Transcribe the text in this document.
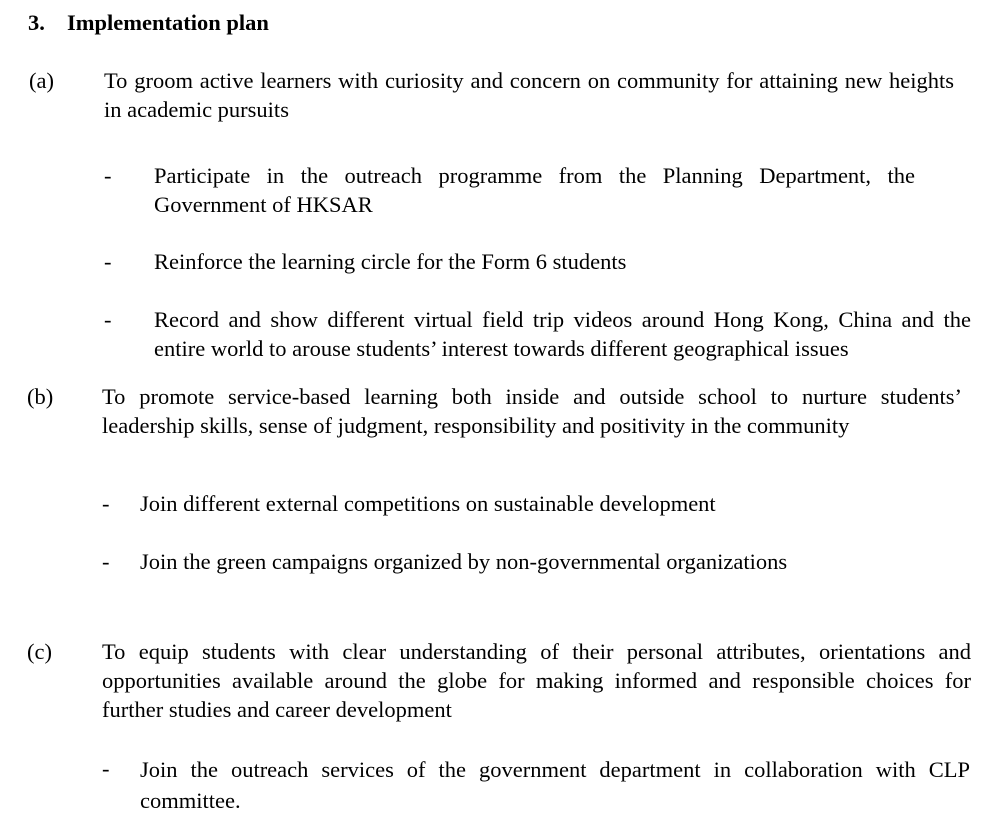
3. Implementation plan
(a)	To groom active learners with curiosity and concern on community for attaining new heights in academic pursuits
-	Participate in the outreach programme from the Planning Department, the Government of HKSAR
-	Reinforce the learning circle for the Form 6 students
-	Record and show different virtual field trip videos around Hong Kong, China and the entire world to arouse students’ interest towards different geographical issues
(b)	To promote service-based learning both inside and outside school to nurture students’ leadership skills, sense of judgment, responsibility and positivity in the community
-	Join different external competitions on sustainable development
-	Join the green campaigns organized by non-governmental organizations
(c)	To equip students with clear understanding of their personal attributes, orientations and opportunities available around the globe for making informed and responsible choices for further studies and career development
-	Join the outreach services of the government department in collaboration with CLP committee.
